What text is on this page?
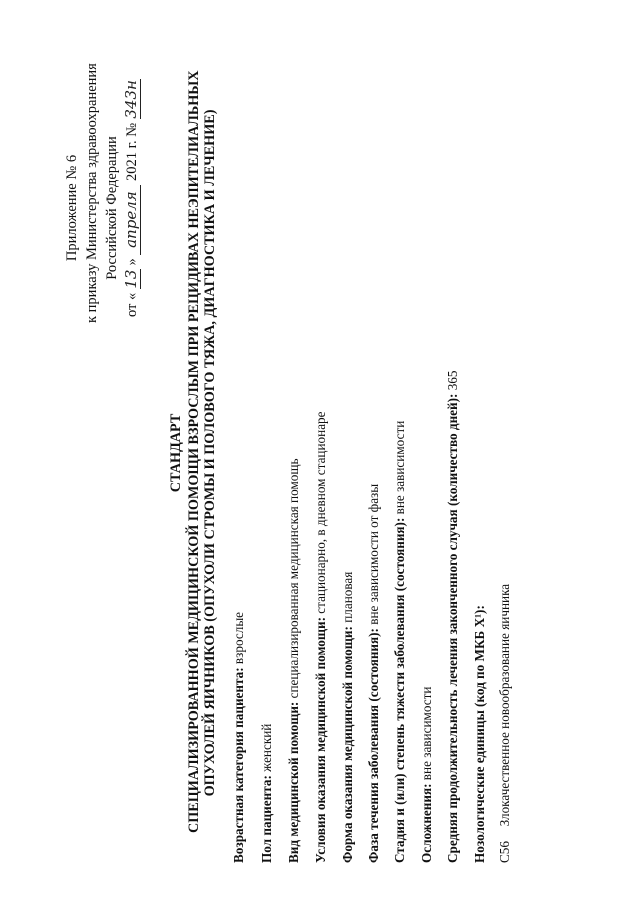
Приложение № 6 к приказу Министерства здравоохранения Российской Федерации
от « 13 » апреля 2021 г. № 343н
СТАНДАРТ СПЕЦИАЛИЗИРОВАННОЙ МЕДИЦИНСКОЙ ПОМОЩИ ВЗРОСЛЫМ ПРИ РЕЦИДИВАХ НЕЭПИТЕЛИАЛЬНЫХ ОПУХОЛЕЙ ЯИЧНИКОВ (ОПУХОЛИ СТРОМЫ И ПОЛОВОГО ТЯЖА, ДИАГНОСТИКА И ЛЕЧЕНИЕ) Возрастная категория пациента: взрослые
Пол пациента: женский Вид медицинской помощи: специализированная медицинская помощь
Условия оказания медицинской помощи: стационарно, в дневном стационаре
Форма оказания медицинской помощи: плановая
Фаза течения заболевания (состояния): вне зависимости от фазы Стадия и (или) степень тяжести заболевания (состояния): вне зависимости
Осложнения: вне зависимости Средняя продолжительность лечения законченного случая (количество дней): 365
Нозологические единицы (код по МКБ X¹): C56  Злокачественное новообразование яичника
